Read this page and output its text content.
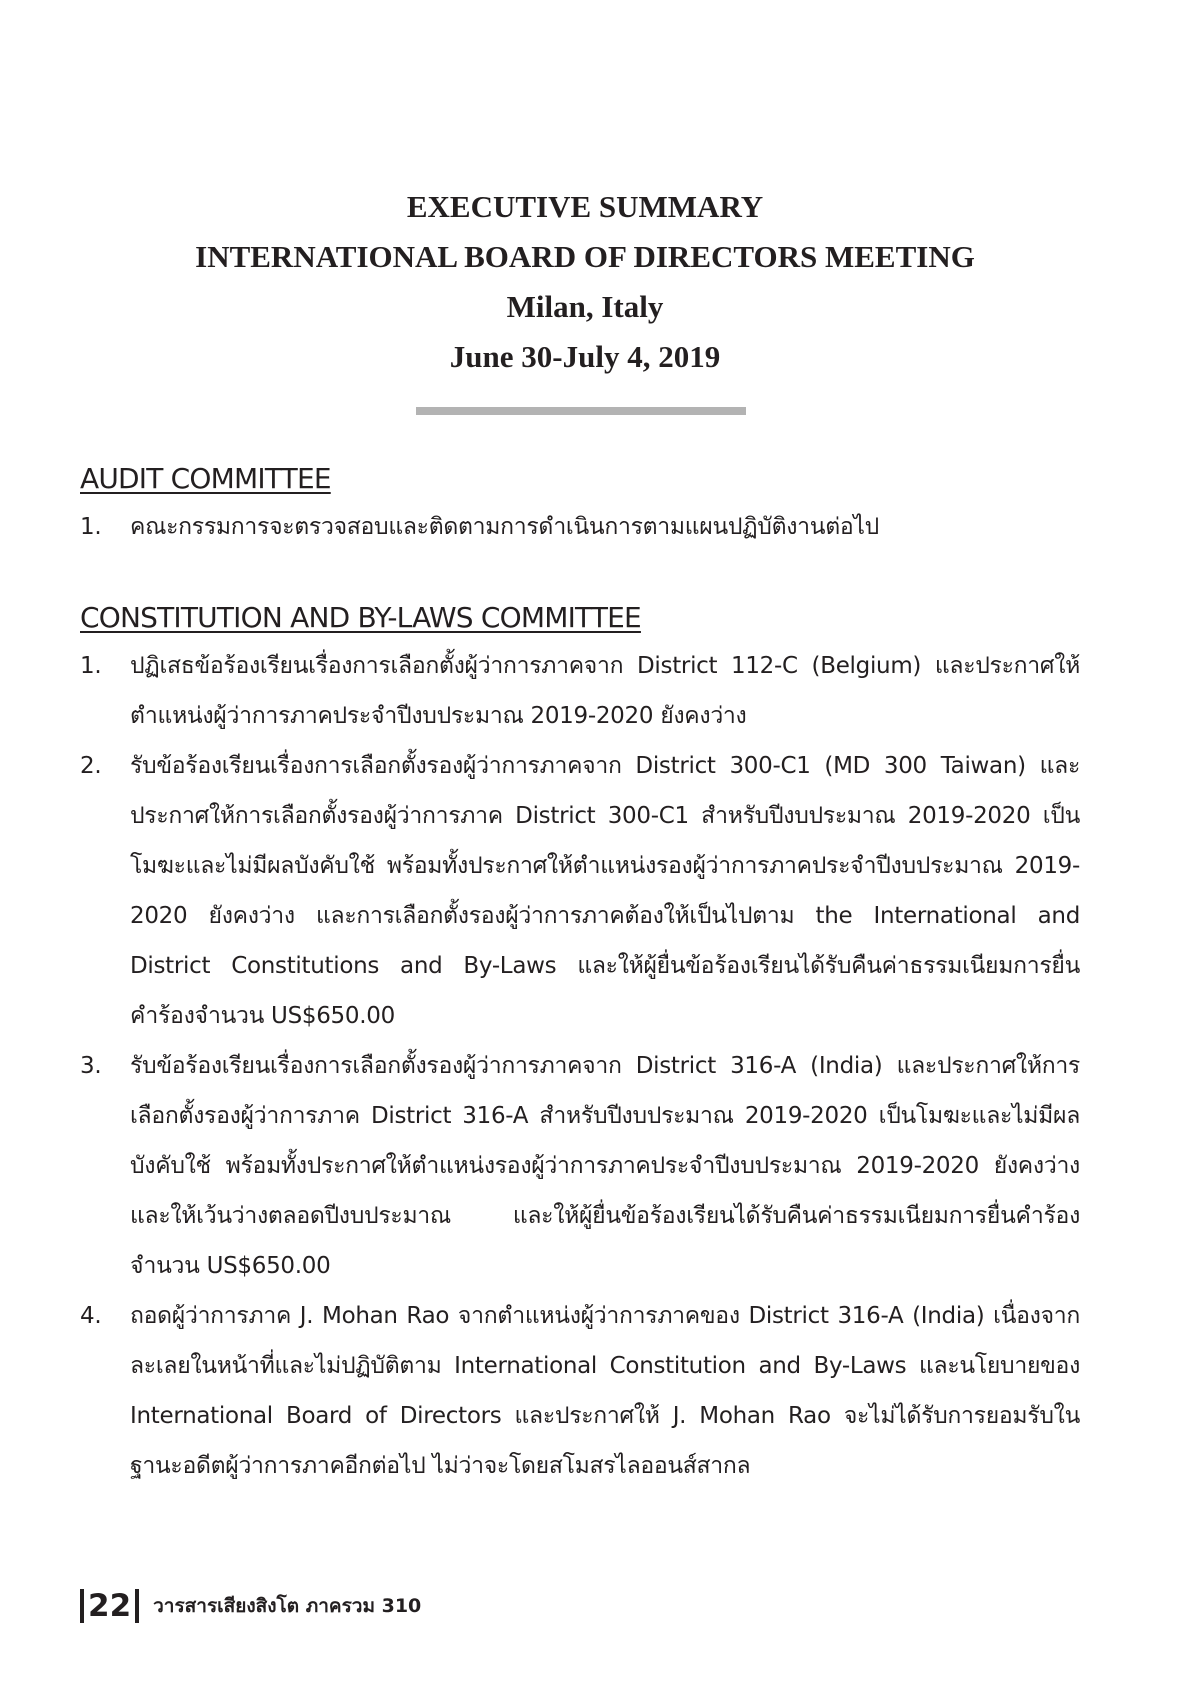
EXECUTIVE SUMMARY
INTERNATIONAL BOARD OF DIRECTORS MEETING
Milan, Italy
June 30-July 4, 2019
AUDIT COMMITTEE
1. คณะกรรมการจะตรวจสอบและติดตามการดำเนินการตามแผนปฏิบัติงานต่อไป
CONSTITUTION AND BY-LAWS COMMITTEE
1. ปฏิเสธข้อร้องเรียนเรื่องการเลือกตั้งผู้ว่าการภาคจาก District 112-C (Belgium) และประกาศให้ตำแหน่งผู้ว่าการภาคประจำปีงบประมาณ 2019-2020 ยังคงว่าง
2. รับข้อร้องเรียนเรื่องการเลือกตั้งรองผู้ว่าการภาคจาก District 300-C1 (MD 300 Taiwan) และประกาศให้การเลือกตั้งรองผู้ว่าการภาค District 300-C1 สำหรับปีงบประมาณ 2019-2020 เป็นโมฆะและไม่มีผลบังคับใช้ พร้อมทั้งประกาศให้ตำแหน่งรองผู้ว่าการภาคประจำปีงบประมาณ 2019-2020 ยังคงว่าง และการเลือกตั้งรองผู้ว่าการภาคต้องให้เป็นไปตาม the International and District Constitutions and By-Laws และให้ผู้ยื่นข้อร้องเรียนได้รับคืนค่าธรรมเนียมการยื่นคำร้องจำนวน US$650.00
3. รับข้อร้องเรียนเรื่องการเลือกตั้งรองผู้ว่าการภาคจาก District 316-A (India) และประกาศให้การเลือกตั้งรองผู้ว่าการภาค District 316-A สำหรับปีงบประมาณ 2019-2020 เป็นโมฆะและไม่มีผลบังคับใช้ พร้อมทั้งประกาศให้ตำแหน่งรองผู้ว่าการภาคประจำปีงบประมาณ 2019-2020 ยังคงว่างและให้เว้นว่างตลอดปีงบประมาณ และให้ผู้ยื่นข้อร้องเรียนได้รับคืนค่าธรรมเนียมการยื่นคำร้องจำนวน US$650.00
4. ถอดผู้ว่าการภาค J. Mohan Rao จากตำแหน่งผู้ว่าการภาคของ District 316-A (India) เนื่องจากละเลยในหน้าที่และไม่ปฏิบัติตาม International Constitution and By-Laws และนโยบายของ International Board of Directors และประกาศให้ J. Mohan Rao จะไม่ได้รับการยอมรับในฐานะอดีตผู้ว่าการภาคอีกต่อไป ไม่ว่าจะโดยสโมสรไลออนส์สากล
22 วารสารเสียงสิงโต ภาครวม 310
